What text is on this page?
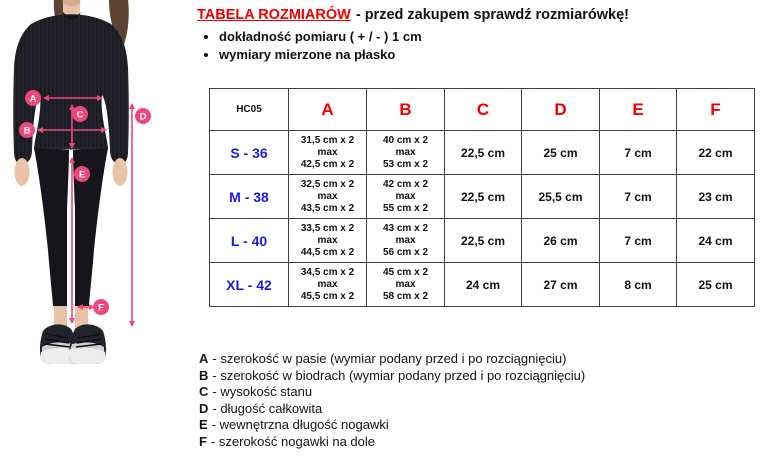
A
B
C	D
E
F
TABELA ROZMIARÓW - przed zakupem sprawdź rozmiarówkę!
• dokładność pomiaru ( + / - ) 1 cm
• wymiary mierzone na płasko
HC05	A	B	C	D	E	F
S - 36	31,5 cm x 2
max
42,5 cm x 2	40 cm x 2
max
53 cm x 2	22,5 cm	25 cm	7 cm	22 cm
M - 38	32,5 cm x 2
max
43,5 cm x 2	42 cm x 2
max
55 cm x 2	22,5 cm	25,5 cm	7 cm	23 cm
L - 40	33,5 cm x 2
max
44,5 cm x 2	43 cm x 2
max
56 cm x 2	22,5 cm	26 cm	7 cm	24 cm
XL - 42	34,5 cm x 2
max
45,5 cm x 2	45 cm x 2
max
58 cm x 2	24 cm	27 cm	8 cm	25 cm
A - szerokość w pasie (wymiar podany przed i po rozciągnięciu)
B - szerokość w biodrach (wymiar podany przed i po rozciągnięciu)
C - wysokość stanu
D - długość całkowita
E - wewnętrzna długość nogawki
F - szerokość nogawki na dole
